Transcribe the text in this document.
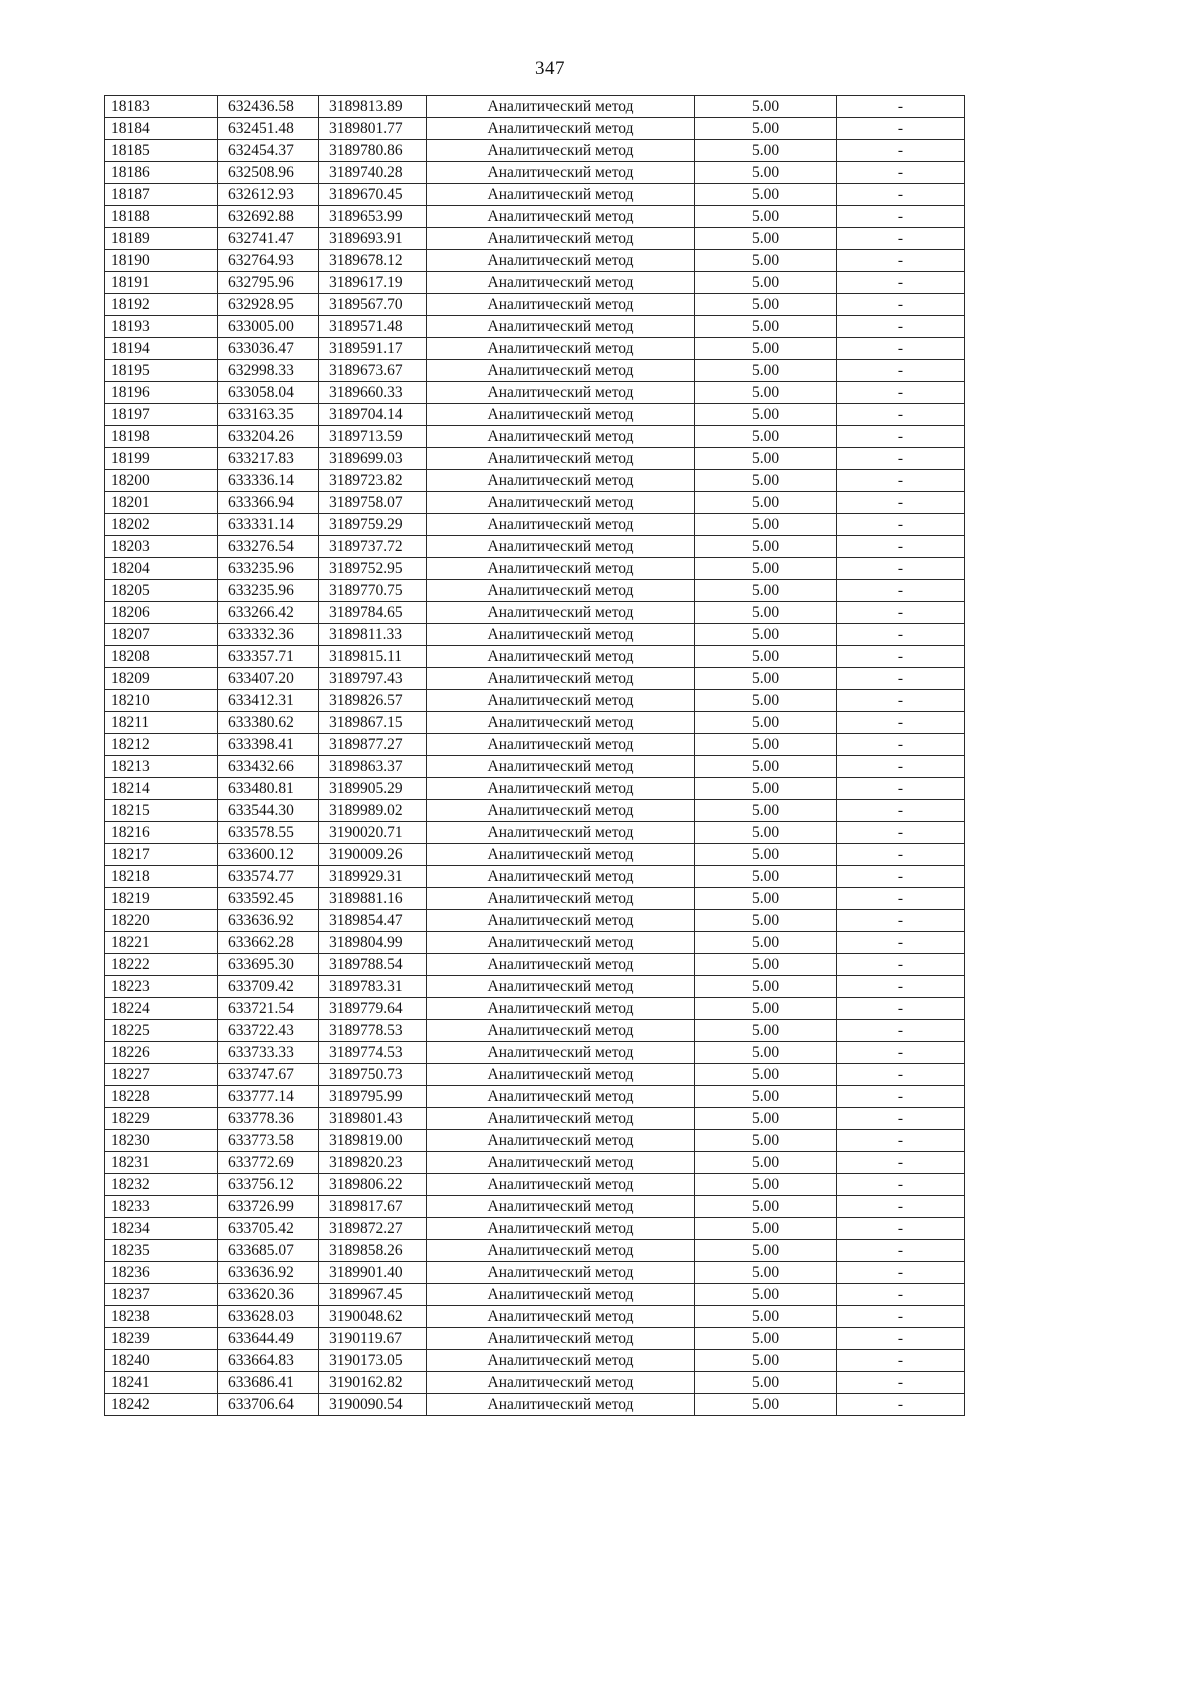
347
18183	632436.58	3189813.89	Аналитический метод	5.00	-
18184	632451.48	3189801.77	Аналитический метод	5.00	-
18185	632454.37	3189780.86	Аналитический метод	5.00	-
18186	632508.96	3189740.28	Аналитический метод	5.00	-
18187	632612.93	3189670.45	Аналитический метод	5.00	-
18188	632692.88	3189653.99	Аналитический метод	5.00	-
18189	632741.47	3189693.91	Аналитический метод	5.00	-
18190	632764.93	3189678.12	Аналитический метод	5.00	-
18191	632795.96	3189617.19	Аналитический метод	5.00	-
18192	632928.95	3189567.70	Аналитический метод	5.00	-
18193	633005.00	3189571.48	Аналитический метод	5.00	-
18194	633036.47	3189591.17	Аналитический метод	5.00	-
18195	632998.33	3189673.67	Аналитический метод	5.00	-
18196	633058.04	3189660.33	Аналитический метод	5.00	-
18197	633163.35	3189704.14	Аналитический метод	5.00	-
18198	633204.26	3189713.59	Аналитический метод	5.00	-
18199	633217.83	3189699.03	Аналитический метод	5.00	-
18200	633336.14	3189723.82	Аналитический метод	5.00	-
18201	633366.94	3189758.07	Аналитический метод	5.00	-
18202	633331.14	3189759.29	Аналитический метод	5.00	-
18203	633276.54	3189737.72	Аналитический метод	5.00	-
18204	633235.96	3189752.95	Аналитический метод	5.00	-
18205	633235.96	3189770.75	Аналитический метод	5.00	-
18206	633266.42	3189784.65	Аналитический метод	5.00	-
18207	633332.36	3189811.33	Аналитический метод	5.00	-
18208	633357.71	3189815.11	Аналитический метод	5.00	-
18209	633407.20	3189797.43	Аналитический метод	5.00	-
18210	633412.31	3189826.57	Аналитический метод	5.00	-
18211	633380.62	3189867.15	Аналитический метод	5.00	-
18212	633398.41	3189877.27	Аналитический метод	5.00	-
18213	633432.66	3189863.37	Аналитический метод	5.00	-
18214	633480.81	3189905.29	Аналитический метод	5.00	-
18215	633544.30	3189989.02	Аналитический метод	5.00	-
18216	633578.55	3190020.71	Аналитический метод	5.00	-
18217	633600.12	3190009.26	Аналитический метод	5.00	-
18218	633574.77	3189929.31	Аналитический метод	5.00	-
18219	633592.45	3189881.16	Аналитический метод	5.00	-
18220	633636.92	3189854.47	Аналитический метод	5.00	-
18221	633662.28	3189804.99	Аналитический метод	5.00	-
18222	633695.30	3189788.54	Аналитический метод	5.00	-
18223	633709.42	3189783.31	Аналитический метод	5.00	-
18224	633721.54	3189779.64	Аналитический метод	5.00	-
18225	633722.43	3189778.53	Аналитический метод	5.00	-
18226	633733.33	3189774.53	Аналитический метод	5.00	-
18227	633747.67	3189750.73	Аналитический метод	5.00	-
18228	633777.14	3189795.99	Аналитический метод	5.00	-
18229	633778.36	3189801.43	Аналитический метод	5.00	-
18230	633773.58	3189819.00	Аналитический метод	5.00	-
18231	633772.69	3189820.23	Аналитический метод	5.00	-
18232	633756.12	3189806.22	Аналитический метод	5.00	-
18233	633726.99	3189817.67	Аналитический метод	5.00	-
18234	633705.42	3189872.27	Аналитический метод	5.00	-
18235	633685.07	3189858.26	Аналитический метод	5.00	-
18236	633636.92	3189901.40	Аналитический метод	5.00	-
18237	633620.36	3189967.45	Аналитический метод	5.00	-
18238	633628.03	3190048.62	Аналитический метод	5.00	-
18239	633644.49	3190119.67	Аналитический метод	5.00	-
18240	633664.83	3190173.05	Аналитический метод	5.00	-
18241	633686.41	3190162.82	Аналитический метод	5.00	-
18242	633706.64	3190090.54	Аналитический метод	5.00	-
